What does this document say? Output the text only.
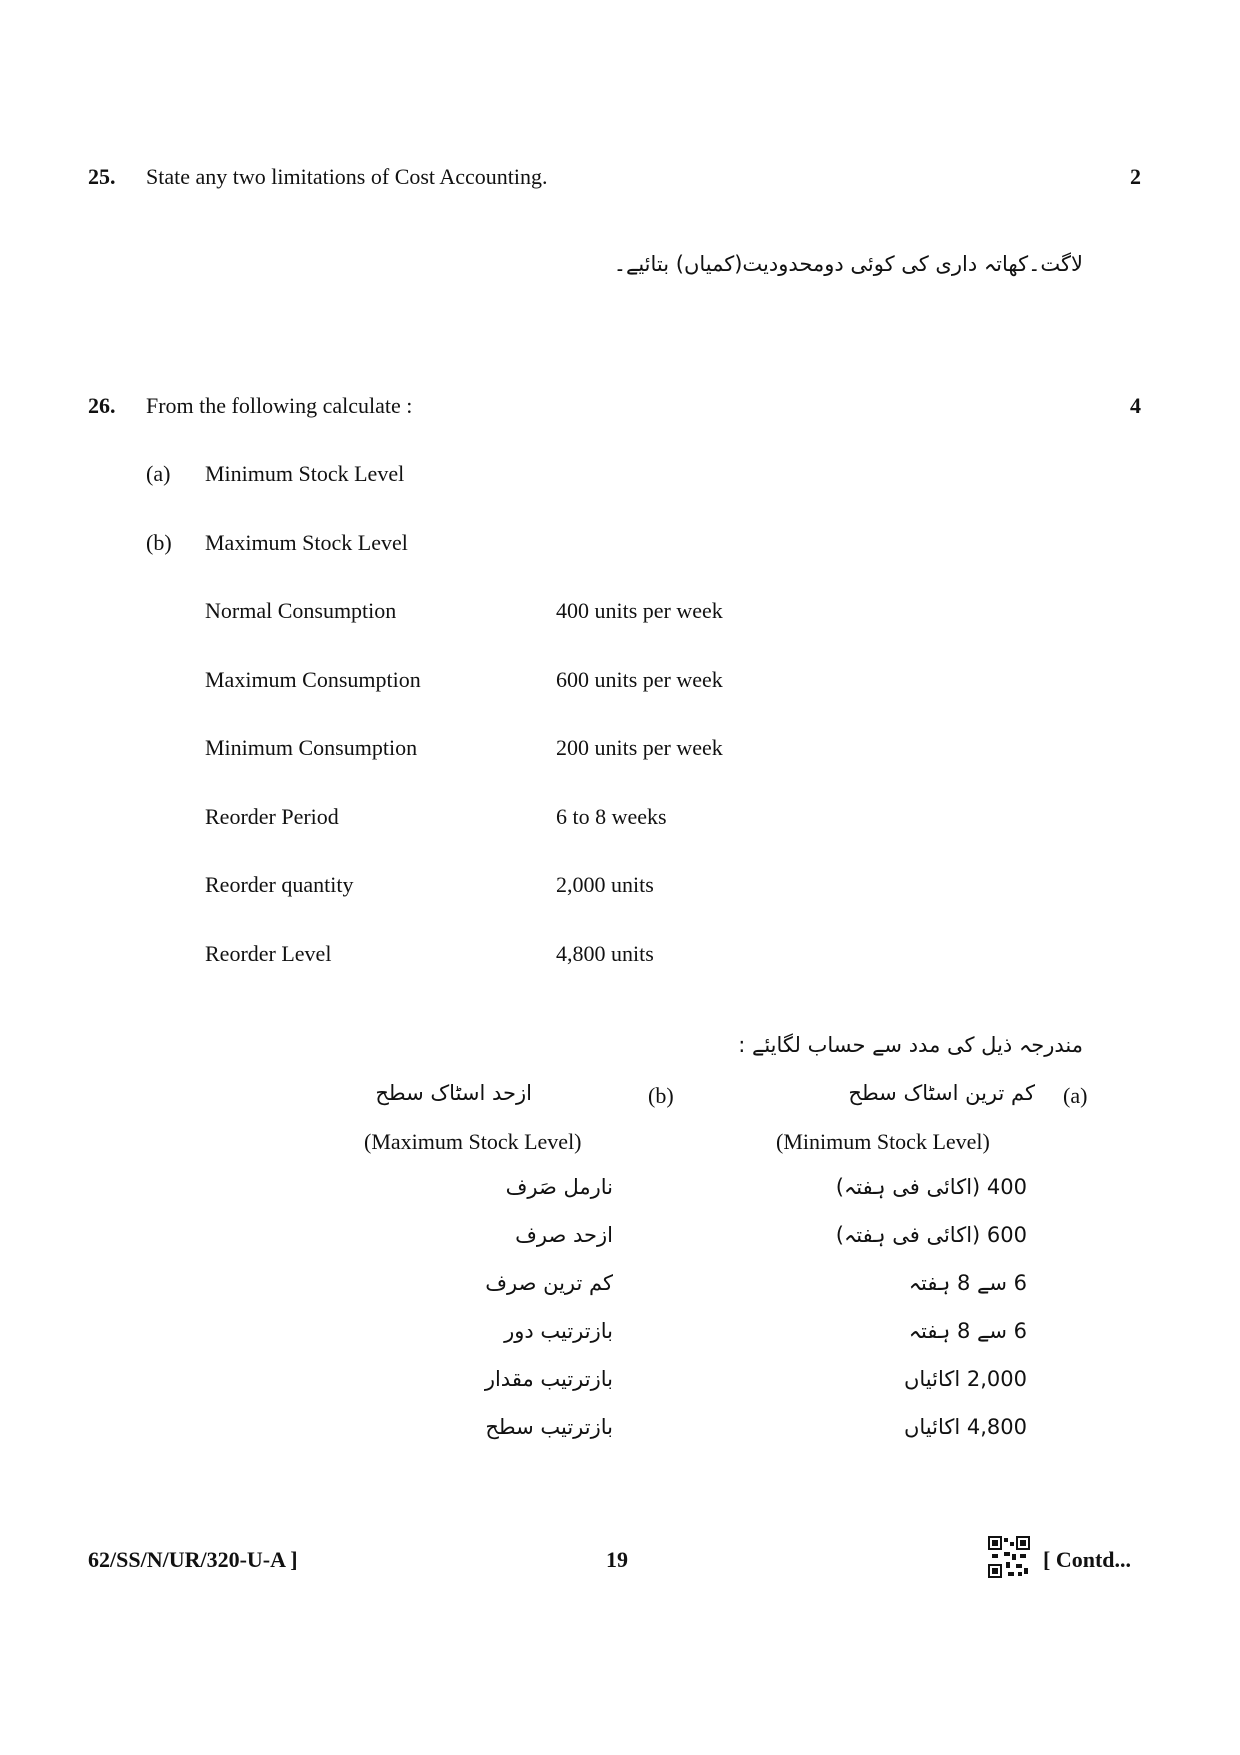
25. State any two limitations of Cost Accounting.	2
لاگت۔کھاتہ داری کی کوئی دومحدودیت(کمیاں) بتائیے۔
26. From the following calculate :	4
(a) Minimum Stock Level
(b) Maximum Stock Level
Normal Consumption	400 units per week
Maximum Consumption	600 units per week
Minimum Consumption	200 units per week
Reorder Period	6 to 8 weeks
Reorder quantity	2,000 units
Reorder Level	4,800 units
مندرجہ ذیل کی مدد سے حساب لگایئے :
(a)
کم ترین اسٹاک سطح
(b)
ازحد اسٹاک سطح
(Minimum Stock Level)
(Maximum Stock Level)
نارمل صَرف	400 (اکائی فی ہفتہ)
ازحد صرف	600 (اکائی فی ہفتہ)
کم ترین صرف	6 سے 8 ہفتہ
بازترتیب دور	6 سے 8 ہفتہ
بازترتیب مقدار	2,000 اکائیاں
بازترتیب سطح	4,800 اکائیاں
62/SS/N/UR/320-U-A ]	19	[ Contd...
